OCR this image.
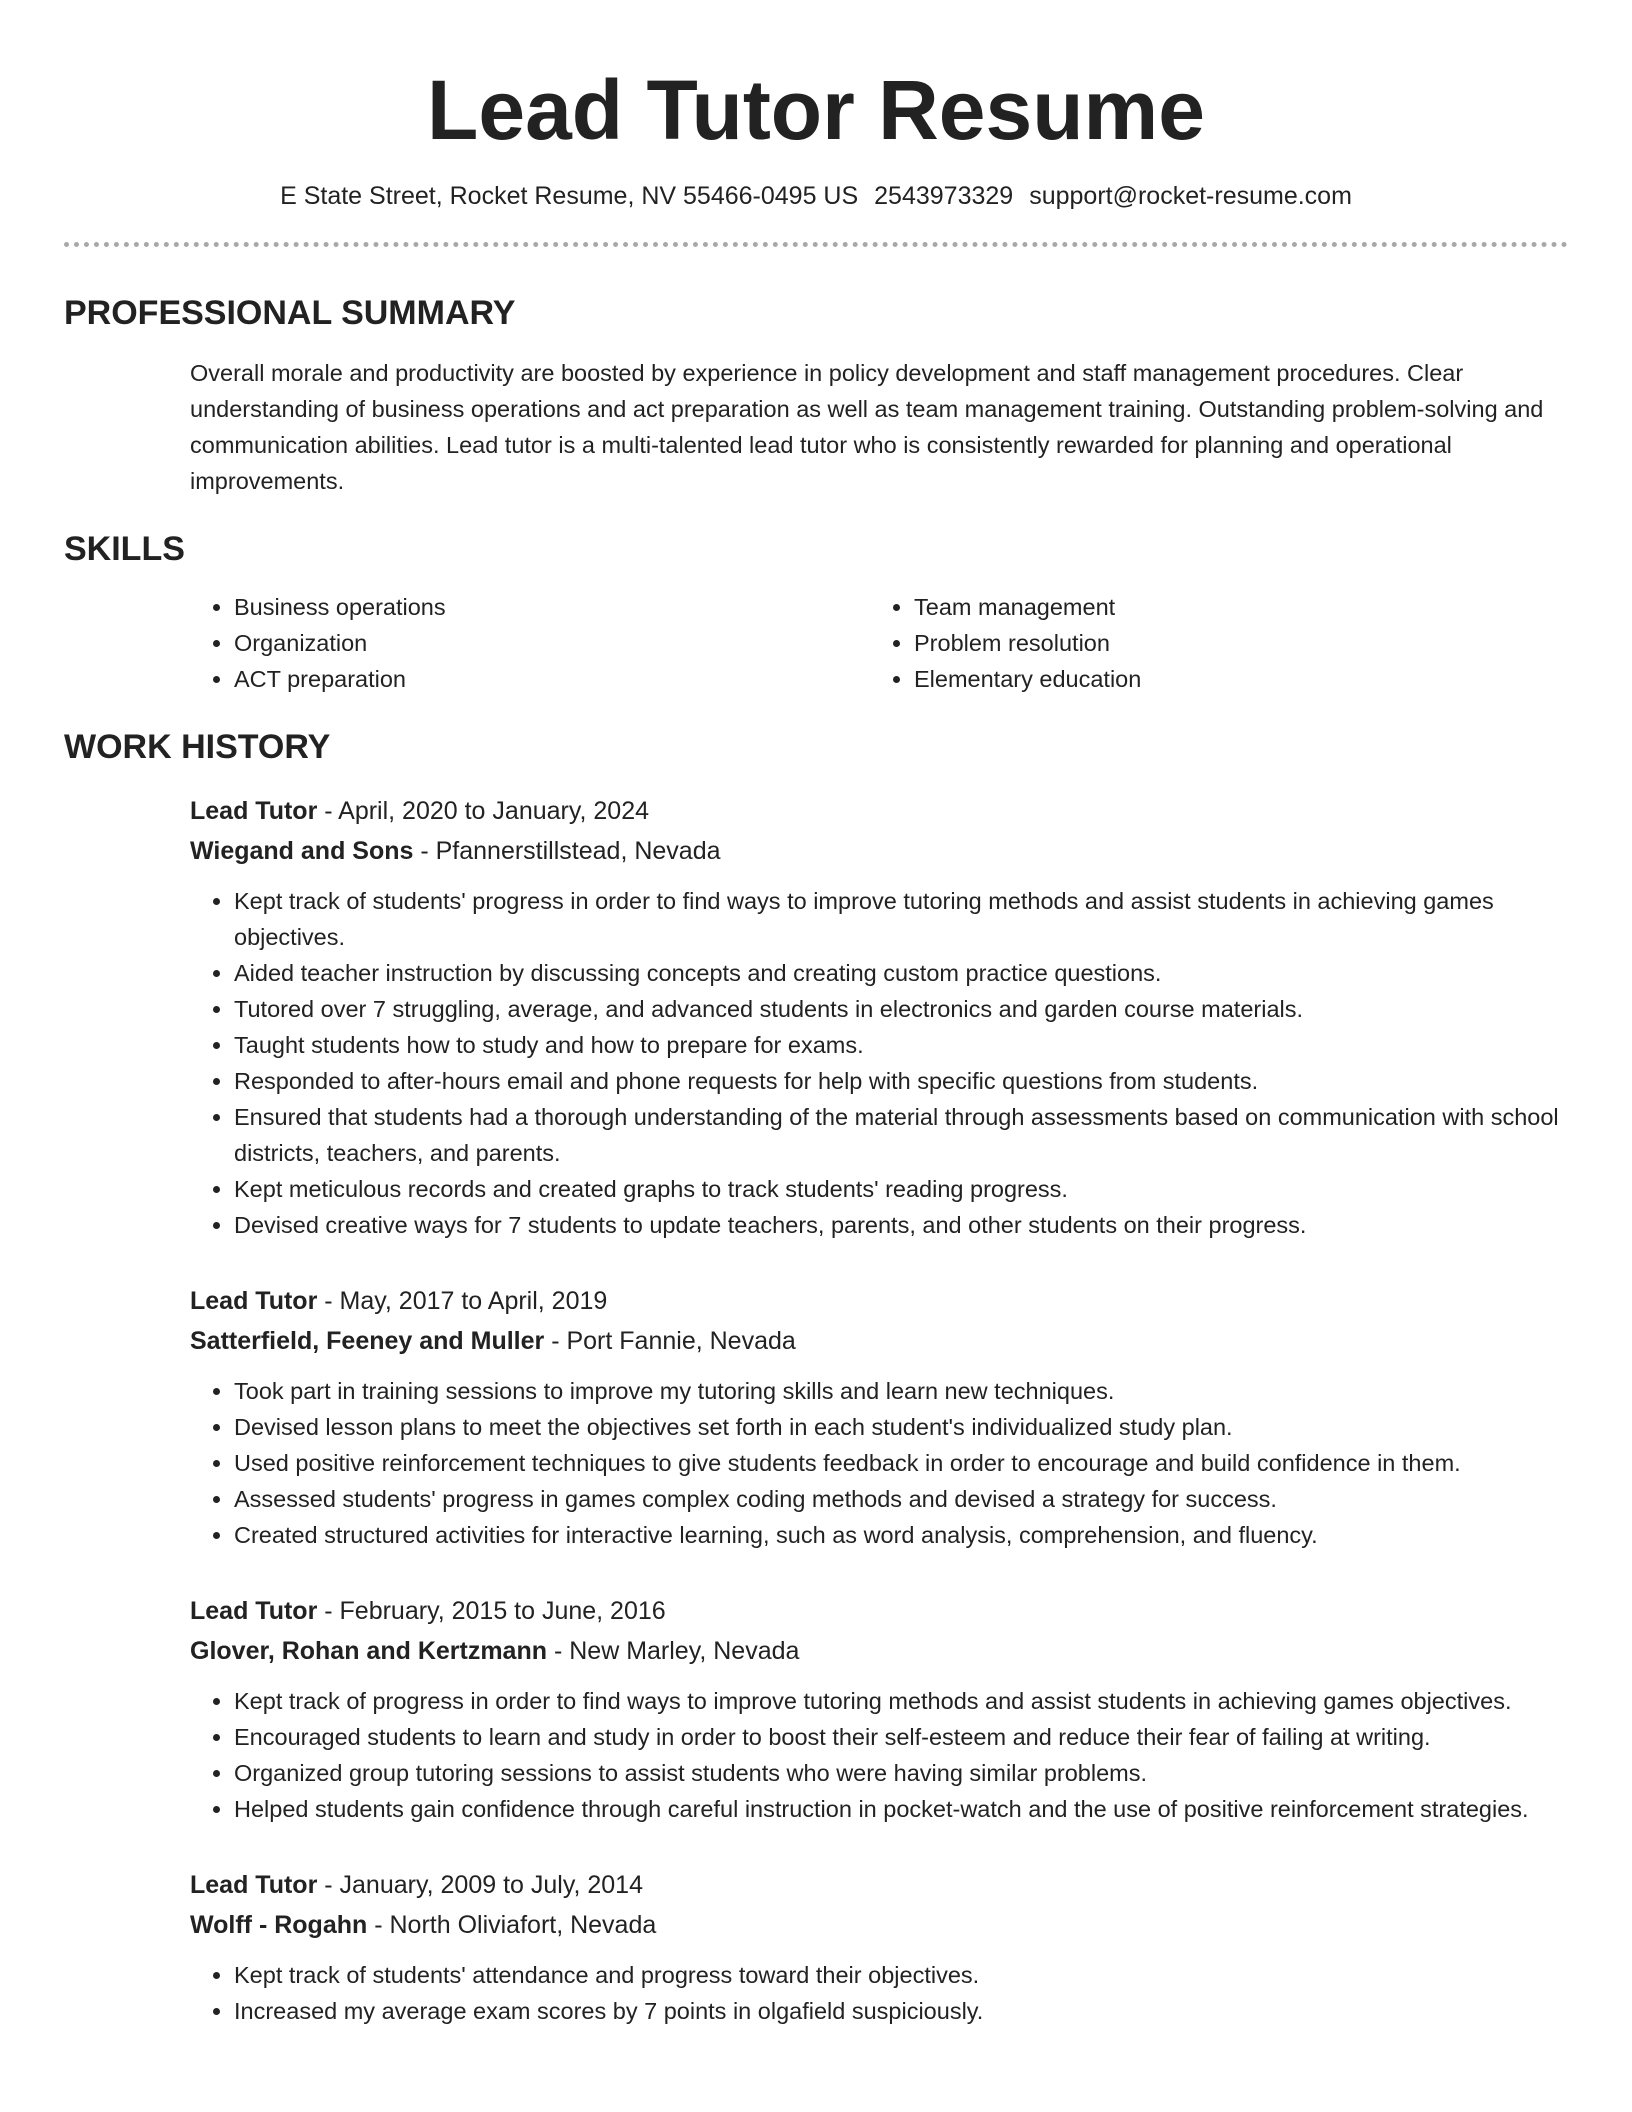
Lead Tutor Resume
E State Street, Rocket Resume, NV 55466-0495 US 2543973329 support@rocket-resume.com
PROFESSIONAL SUMMARY
Overall morale and productivity are boosted by experience in policy development and staff management procedures. Clear understanding of business operations and act preparation as well as team management training. Outstanding problem-solving and communication abilities. Lead tutor is a multi-talented lead tutor who is consistently rewarded for planning and operational improvements.
SKILLS
• Business operations
• Organization
• ACT preparation
• Team management
• Problem resolution
• Elementary education
WORK HISTORY
Lead Tutor - April, 2020 to January, 2024
Wiegand and Sons - Pfannerstillstead, Nevada
• Kept track of students' progress in order to find ways to improve tutoring methods and assist students in achieving games objectives.
• Aided teacher instruction by discussing concepts and creating custom practice questions.
• Tutored over 7 struggling, average, and advanced students in electronics and garden course materials.
• Taught students how to study and how to prepare for exams.
• Responded to after-hours email and phone requests for help with specific questions from students.
• Ensured that students had a thorough understanding of the material through assessments based on communication with school districts, teachers, and parents.
• Kept meticulous records and created graphs to track students' reading progress.
• Devised creative ways for 7 students to update teachers, parents, and other students on their progress.
Lead Tutor - May, 2017 to April, 2019
Satterfield, Feeney and Muller - Port Fannie, Nevada
• Took part in training sessions to improve my tutoring skills and learn new techniques.
• Devised lesson plans to meet the objectives set forth in each student's individualized study plan.
• Used positive reinforcement techniques to give students feedback in order to encourage and build confidence in them.
• Assessed students' progress in games complex coding methods and devised a strategy for success.
• Created structured activities for interactive learning, such as word analysis, comprehension, and fluency.
Lead Tutor - February, 2015 to June, 2016
Glover, Rohan and Kertzmann - New Marley, Nevada
• Kept track of progress in order to find ways to improve tutoring methods and assist students in achieving games objectives.
• Encouraged students to learn and study in order to boost their self-esteem and reduce their fear of failing at writing.
• Organized group tutoring sessions to assist students who were having similar problems.
• Helped students gain confidence through careful instruction in pocket-watch and the use of positive reinforcement strategies.
Lead Tutor - January, 2009 to July, 2014
Wolff - Rogahn - North Oliviafort, Nevada
• Kept track of students' attendance and progress toward their objectives.
• Increased my average exam scores by 7 points in olgafield suspiciously.
